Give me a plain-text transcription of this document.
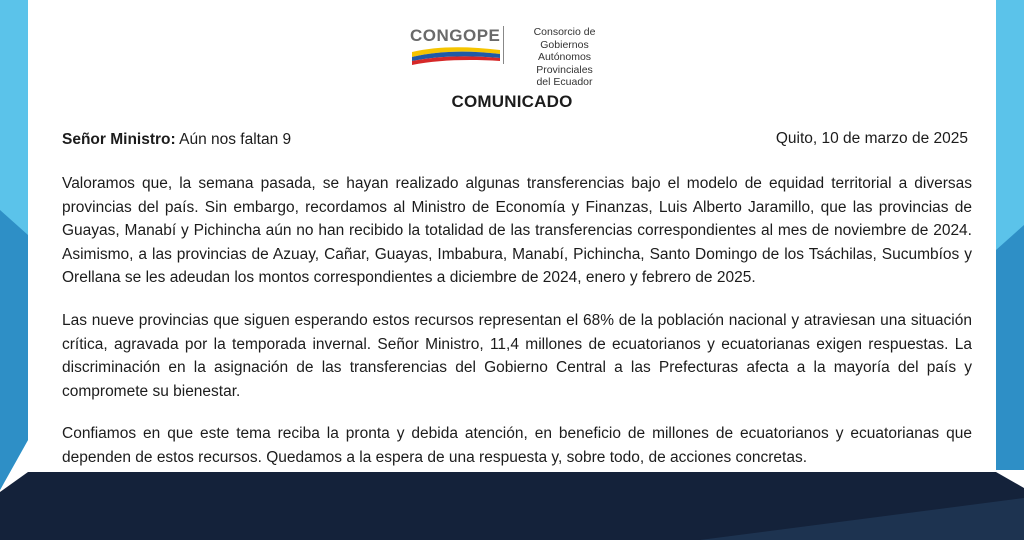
CONGOPE	Consorcio de Gobiernos
Autónomos Provinciales
del Ecuador
COMUNICADO
Señor Ministro: Aún nos faltan 9	Quito, 10 de marzo de 2025

Valoramos que, la semana pasada, se hayan realizado algunas transferencias bajo el modelo de equidad territorial a diversas provincias del país. Sin embargo, recordamos al Ministro de Economía y Finanzas, Luis Alberto Jaramillo, que las provincias de Guayas, Manabí y Pichincha aún no han recibido la totalidad de las transferencias correspondientes al mes de noviembre de 2024. Asimismo, a las provincias de Azuay, Cañar, Guayas, Imbabura, Manabí, Pichincha, Santo Domingo de los Tsáchilas, Sucumbíos y Orellana se les adeudan los montos correspondientes a diciembre de 2024, enero y febrero de 2025.

Las nueve provincias que siguen esperando estos recursos representan el 68% de la población nacional y atraviesan una situación crítica, agravada por la temporada invernal. Señor Ministro, 11,4 millones de ecuatorianos y ecuatorianas exigen respuestas. La discriminación en la asignación de las transferencias del Gobierno Central a las Prefecturas afecta a la mayoría del país y compromete su bienestar.

Confiamos en que este tema reciba la pronta y debida atención, en beneficio de millones de ecuatorianos y ecuatorianas que dependen de estos recursos. Quedamos a la espera de una respuesta y, sobre todo, de acciones concretas.
